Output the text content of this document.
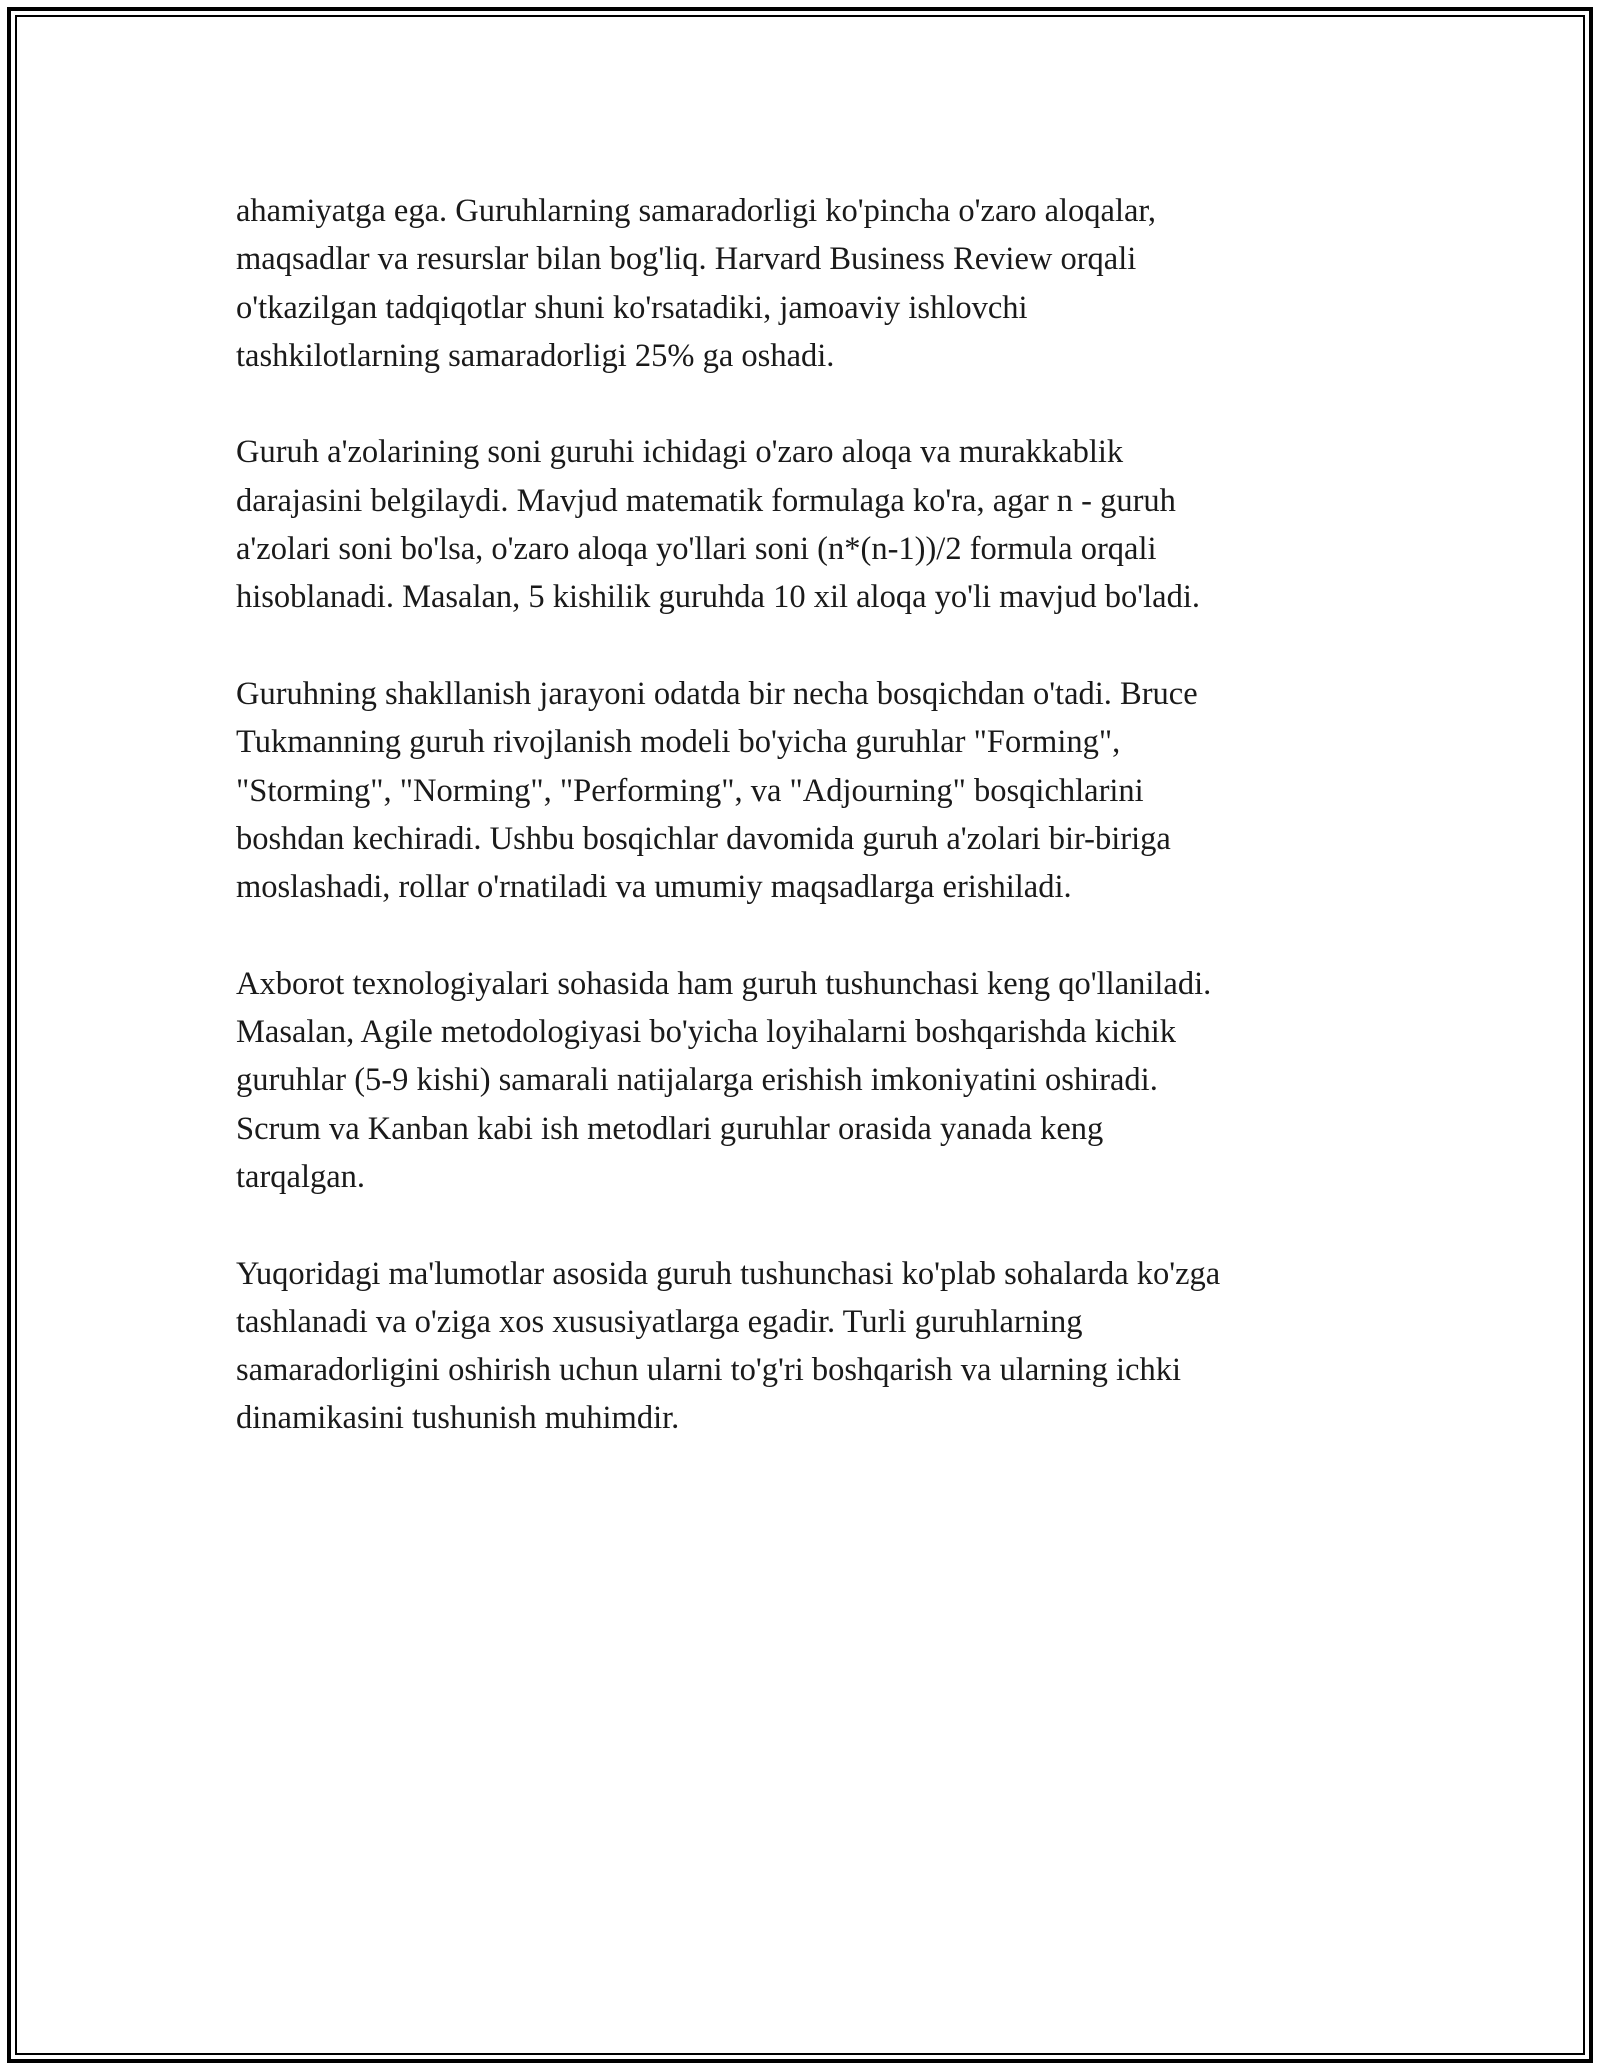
ahamiyatga ega. Guruhlarning samaradorligi ko'pincha o'zaro aloqalar,
maqsadlar va resurslar bilan bog'liq. Harvard Business Review orqali
o'tkazilgan tadqiqotlar shuni ko'rsatadiki, jamoaviy ishlovchi
tashkilotlarning samaradorligi 25% ga oshadi.

Guruh a'zolarining soni guruhi ichidagi o'zaro aloqa va murakkablik
darajasini belgilaydi. Mavjud matematik formulaga ko'ra, agar n - guruh
a'zolari soni bo'lsa, o'zaro aloqa yo'llari soni (n*(n-1))/2 formula orqali
hisoblanadi. Masalan, 5 kishilik guruhda 10 xil aloqa yo'li mavjud bo'ladi.

Guruhning shakllanish jarayoni odatda bir necha bosqichdan o'tadi. Bruce
Tukmanning guruh rivojlanish modeli bo'yicha guruhlar "Forming",
"Storming", "Norming", "Performing", va "Adjourning" bosqichlarini
boshdan kechiradi. Ushbu bosqichlar davomida guruh a'zolari bir-biriga
moslashadi, rollar o'rnatiladi va umumiy maqsadlarga erishiladi.

Axborot texnologiyalari sohasida ham guruh tushunchasi keng qo'llaniladi.
Masalan, Agile metodologiyasi bo'yicha loyihalarni boshqarishda kichik
guruhlar (5-9 kishi) samarali natijalarga erishish imkoniyatini oshiradi.
Scrum va Kanban kabi ish metodlari guruhlar orasida yanada keng
tarqalgan.

Yuqoridagi ma'lumotlar asosida guruh tushunchasi ko'plab sohalarda ko'zga
tashlanadi va o'ziga xos xususiyatlarga egadir. Turli guruhlarning
samaradorligini oshirish uchun ularni to'g'ri boshqarish va ularning ichki
dinamikasini tushunish muhimdir.
